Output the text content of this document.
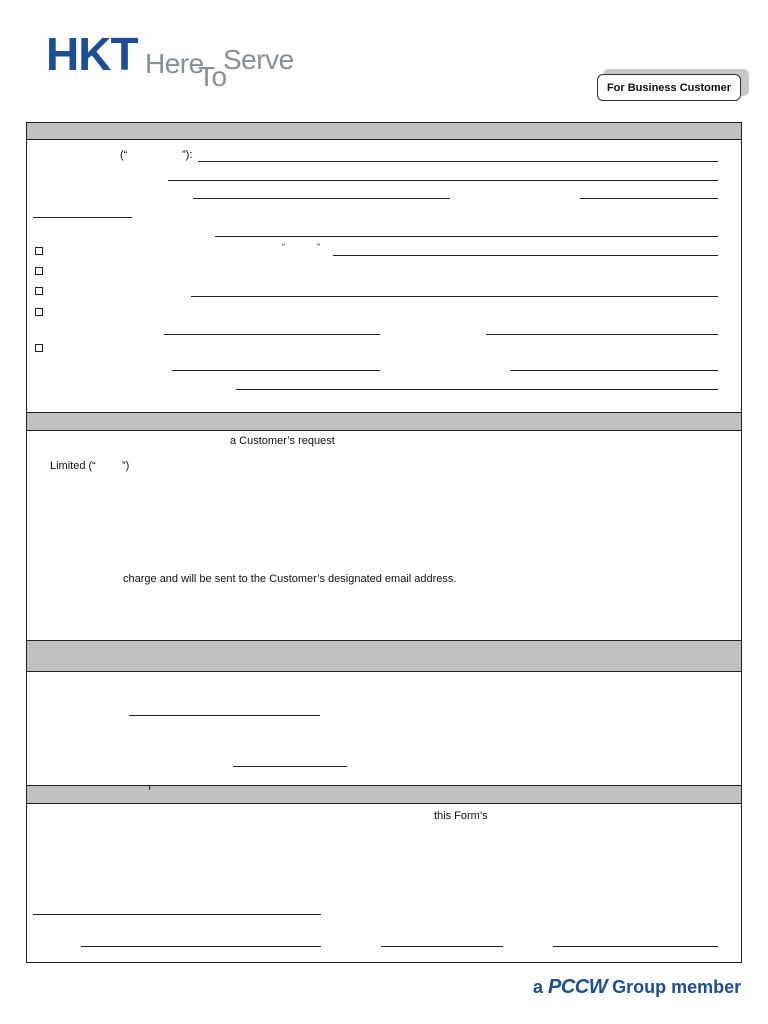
HKT Here
To
Serve
For Business Customer
(“	”):
“	”
a Customer’s request
Limited (“ ”)
charge and will be sent to the Customer’s designated email address.
’
this Form’s
a PCCW Group member
